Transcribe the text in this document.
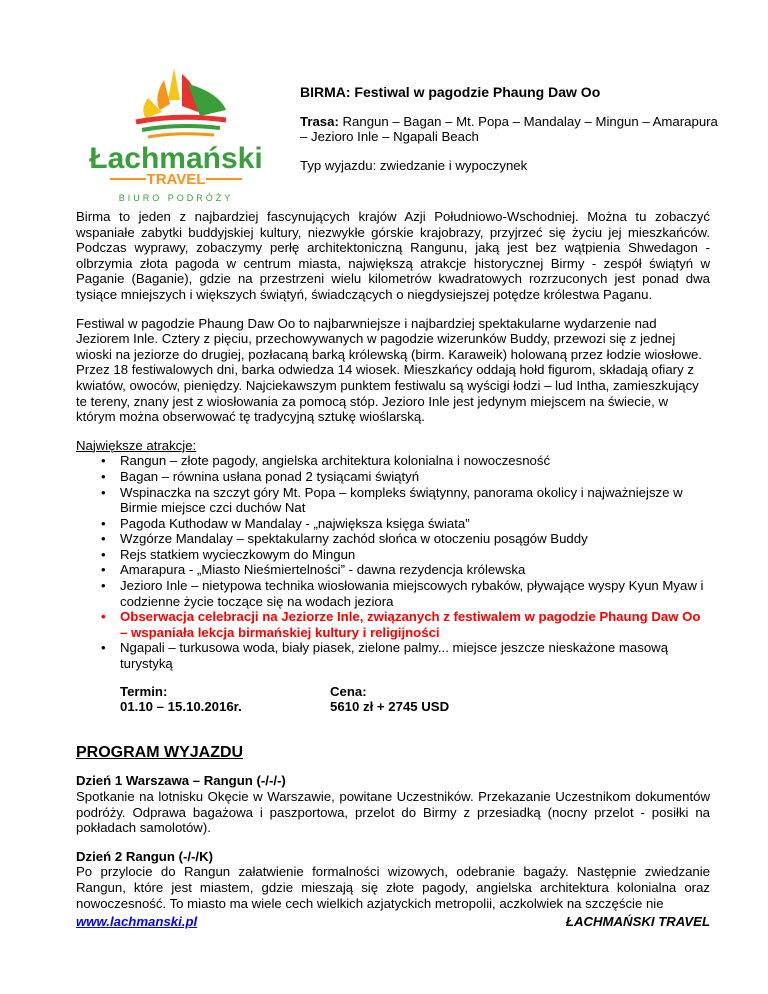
Łachmański
TRAVEL
BIURO PODRÓŻY

BIRMA: Festiwal w pagodzie Phaung Daw Oo

Trasa: Rangun – Bagan – Mt. Popa – Mandalay – Mingun – Amarapura – Jezioro Inle – Ngapali Beach

Typ wyjazdu: zwiedzanie i wypoczynek

Birma to jeden z najbardziej fascynujących krajów Azji Południowo-Wschodniej. Można tu zobaczyć wspaniałe zabytki buddyjskiej kultury, niezwykłe górskie krajobrazy, przyjrzeć się życiu jej mieszkańców. Podczas wyprawy, zobaczymy perłę architektoniczną Rangunu, jaką jest bez wątpienia Shwedagon - olbrzymia złota pagoda w centrum miasta, największą atrakcje historycznej Birmy - zespół świątyń w Paganie (Baganie), gdzie na przestrzeni wielu kilometrów kwadratowych rozrzuconych jest ponad dwa tysiące mniejszych i większych świątyń, świadczących o niegdysiejszej potędze królestwa Paganu.

Festiwal w pagodzie Phaung Daw Oo to najbarwniejsze i najbardziej spektakularne wydarzenie nad Jeziorem Inle. Cztery z pięciu, przechowywanych w pagodzie wizerunków Buddy, przewozi się z jednej wioski na jeziorze do drugiej, pozłacaną barką królewską (birm. Karaweik) holowaną przez łodzie wiosłowe. Przez 18 festiwalowych dni, barka odwiedza 14 wiosek. Mieszkańcy oddają hołd figurom, składają ofiary z kwiatów, owoców, pieniędzy. Najciekawszym punktem festiwalu są wyścigi łodzi – lud Intha, zamieszkujący te tereny, znany jest z wiosłowania za pomocą stóp. Jezioro Inle jest jedynym miejscem na świecie, w którym można obserwować tę tradycyjną sztukę wioślarską.

Największe atrakcje:

• Rangun – złote pagody, angielska architektura kolonialna i nowoczesność
• Bagan – równina usłana ponad 2 tysiącami świątyń
• Wspinaczka na szczyt góry Mt. Popa – kompleks świątynny, panorama okolicy i najważniejsze w Birmie miejsce czci duchów Nat
• Pagoda Kuthodaw w Mandalay - „największa księga świata”
• Wzgórze Mandalay – spektakularny zachód słońca w otoczeniu posągów Buddy
• Rejs statkiem wycieczkowym do Mingun
• Amarapura - „Miasto Nieśmiertelności” - dawna rezydencja królewska
• Jezioro Inle – nietypowa technika wiosłowania miejscowych rybaków, pływające wyspy Kyun Myaw i codzienne życie toczące się na wodach jeziora
• Obserwacja celebracji na Jeziorze Inle, związanych z festiwalem w pagodzie Phaung Daw Oo – wspaniała lekcja birmańskiej kultury i religijności
• Ngapali – turkusowa woda, biały piasek, zielone palmy... miejsce jeszcze nieskażone masową turystyką
Termin:
01.10 – 15.10.2016r.
Cena:
5610 zł + 2745 USD

PROGRAM WYJAZDU

Dzień 1 Warszawa – Rangun (-/-/-)

Spotkanie na lotnisku Okęcie w Warszawie, powitane Uczestników. Przekazanie Uczestnikom dokumentów podróży. Odprawa bagażowa i paszportowa, przelot do Birmy z przesiadką (nocny przelot - posiłki na pokładach samolotów).

Dzień 2 Rangun (-/-/K)

Po przylocie do Rangun załatwienie formalności wizowych, odebranie bagaży. Następnie zwiedzanie Rangun, które jest miastem, gdzie mieszają się złote pagody, angielska architektura kolonialna oraz nowoczesność. To miasto ma wiele cech wielkich azjatyckich metropolii, aczkolwiek na szczęście nie

www.lachmanski.pl	ŁACHMAŃSKI TRAVEL
